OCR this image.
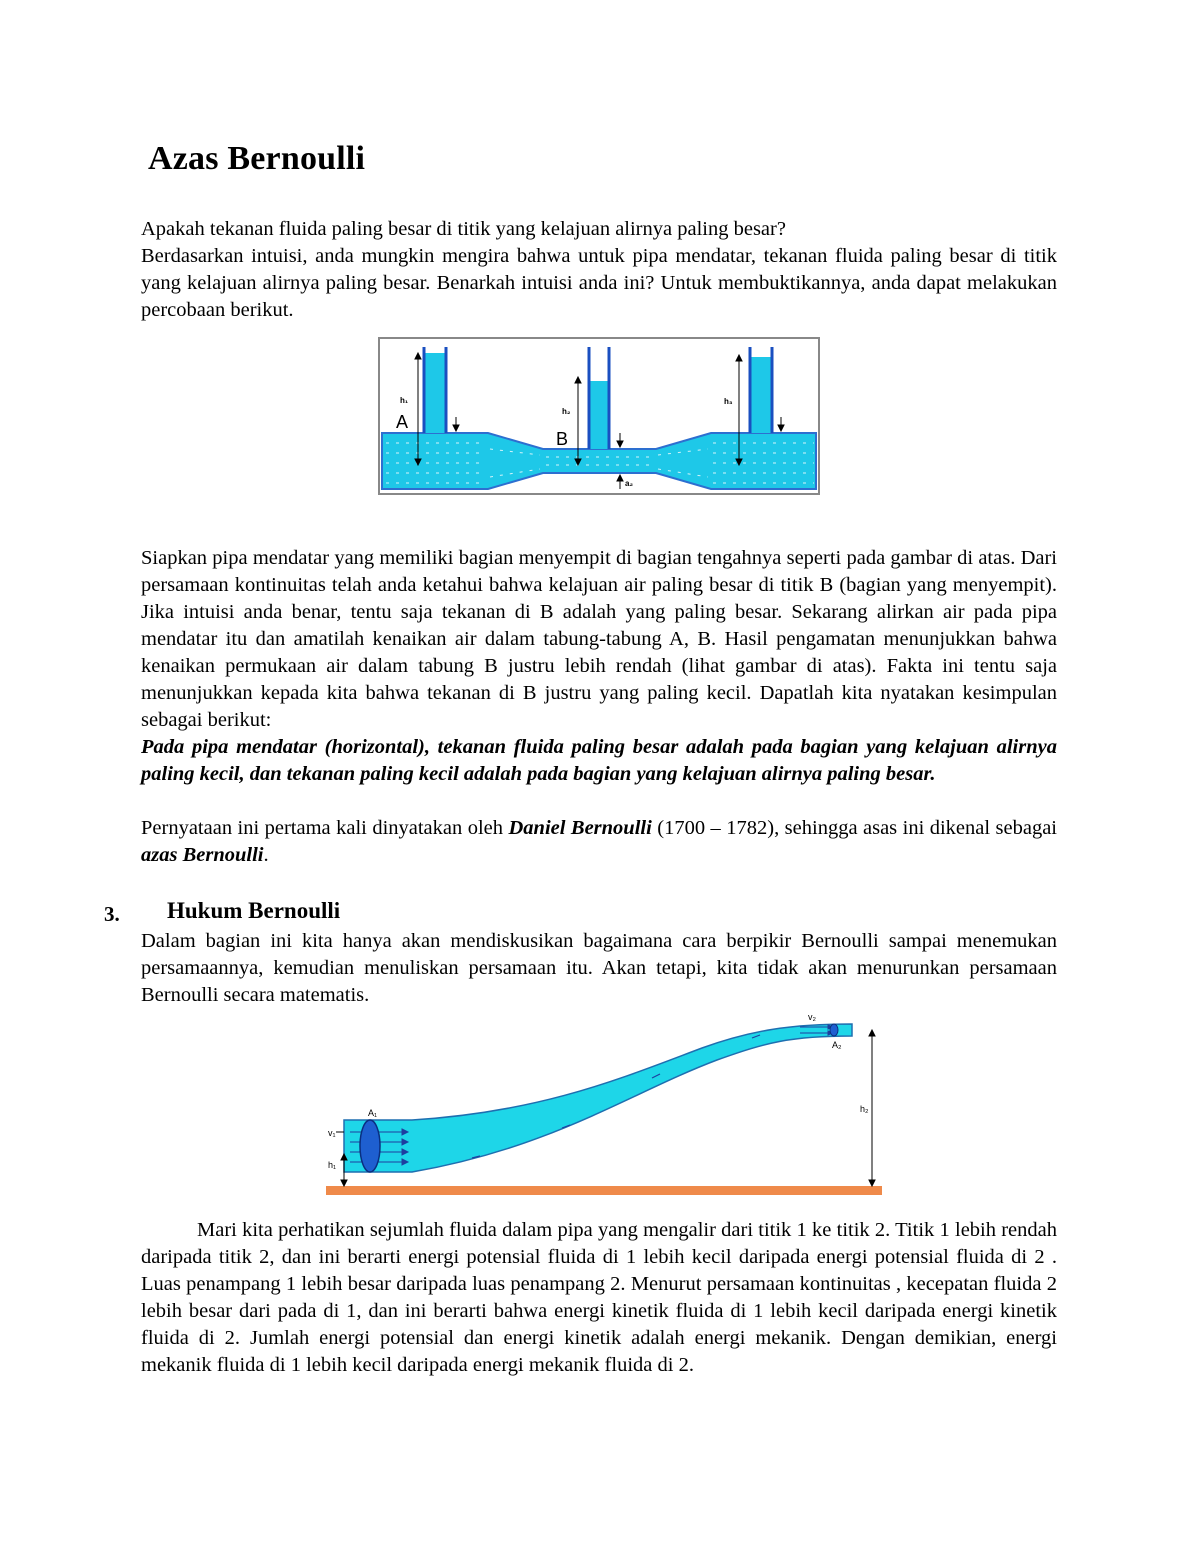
Azas Bernoulli

Apakah tekanan fluida paling besar di titik yang kelajuan alirnya paling besar?

Berdasarkan intuisi, anda mungkin mengira bahwa untuk pipa mendatar, tekanan fluida paling besar di titik yang kelajuan alirnya paling besar. Benarkah intuisi anda ini? Untuk membuktikannya, anda dapat melakukan percobaan berikut.

h₁
A
h₂
B
h₃
a₂

Siapkan pipa mendatar yang memiliki bagian menyempit di bagian tengahnya seperti pada gambar di atas. Dari persamaan kontinuitas telah anda ketahui bahwa kelajuan air paling besar di titik B (bagian yang menyempit). Jika intuisi anda benar, tentu saja tekanan di B adalah yang paling besar. Sekarang alirkan air pada pipa mendatar itu dan amatilah kenaikan air dalam tabung-tabung A, B. Hasil pengamatan menunjukkan bahwa kenaikan permukaan air dalam tabung B justru lebih rendah (lihat gambar di atas). Fakta ini tentu saja menunjukkan kepada kita bahwa tekanan di B justru yang paling kecil. Dapatlah kita nyatakan kesimpulan sebagai berikut:

Pada pipa mendatar (horizontal), tekanan fluida paling besar adalah pada bagian yang kelajuan alirnya paling kecil, dan tekanan paling kecil adalah pada bagian yang kelajuan alirnya paling besar.

Pernyataan ini pertama kali dinyatakan oleh Daniel Bernoulli (1700 – 1782), sehingga asas ini dikenal sebagai azas Bernoulli.

3. Hukum Bernoulli

Dalam bagian ini kita hanya akan mendiskusikan bagaimana cara berpikir Bernoulli sampai menemukan persamaannya, kemudian menuliskan persamaan itu. Akan tetapi, kita tidak akan menurunkan persamaan Bernoulli secara matematis.

v₁
h₁
A₁
v₂
A₂
h₂

Mari kita perhatikan sejumlah fluida dalam pipa yang mengalir dari titik 1 ke titik 2. Titik 1 lebih rendah daripada titik 2, dan ini berarti energi potensial fluida di 1 lebih kecil daripada energi potensial fluida di 2 . Luas penampang 1 lebih besar daripada luas penampang 2. Menurut persamaan kontinuitas , kecepatan fluida 2 lebih besar dari pada di 1, dan ini berarti bahwa energi kinetik fluida di 1 lebih kecil daripada energi kinetik fluida di 2. Jumlah energi potensial dan energi kinetik adalah energi mekanik. Dengan demikian, energi mekanik fluida di 1 lebih kecil daripada energi mekanik fluida di 2.
